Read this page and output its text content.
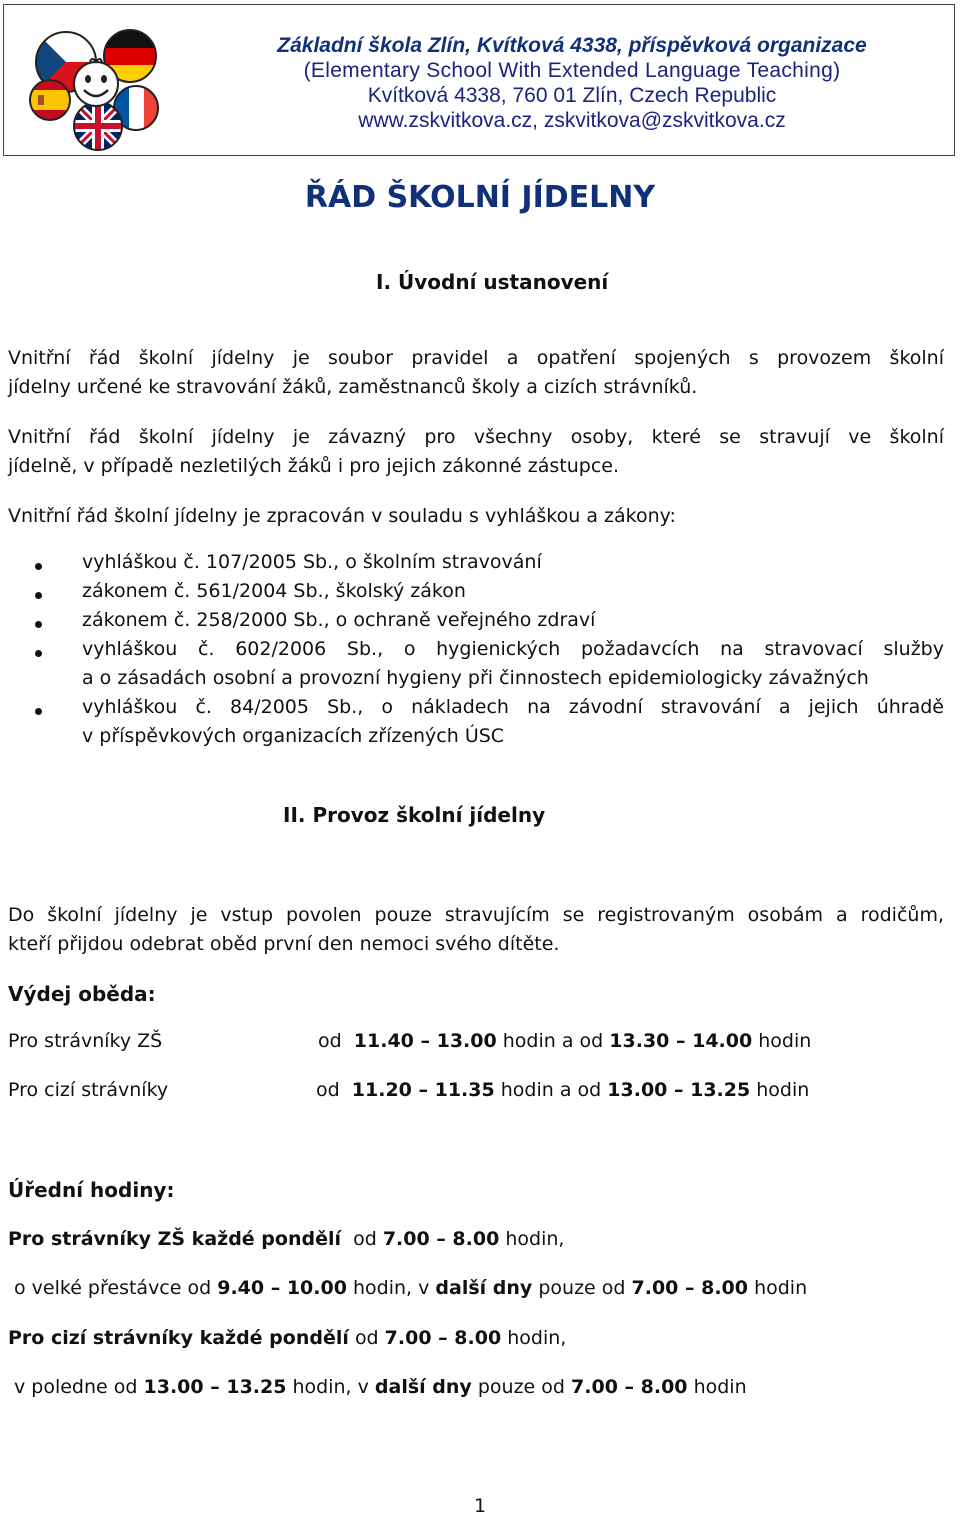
Základní škola Zlín, Kvítková 4338, příspěvková organizace
(Elementary School With Extended Language Teaching)
Kvítková 4338, 760 01 Zlín, Czech Republic
www.zskvitkova.cz, zskvitkova@zskvitkova.cz
ŘÁD ŠKOLNÍ JÍDELNY
I. Úvodní ustanovení
Vnitřní řád školní jídelny je soubor pravidel a opatření spojených s provozem školní
jídelny určené ke stravování žáků, zaměstnanců školy a cizích strávníků.
Vnitřní řád školní jídelny je závazný pro všechny osoby, které se stravují ve školní
jídelně, v případě nezletilých žáků i pro jejich zákonné zástupce.
Vnitřní řád školní jídelny je zpracován v souladu s vyhláškou a zákony:
vyhláškou č. 107/2005 Sb., o školním stravování
zákonem č. 561/2004 Sb., školský zákon
zákonem č. 258/2000 Sb., o ochraně veřejného zdraví
vyhláškou č. 602/2006 Sb., o hygienických požadavcích na stravovací služby
a o zásadách osobní a provozní hygieny při činnostech epidemiologicky závažných
vyhláškou č. 84/2005 Sb., o nákladech na závodní stravování a jejich úhradě
v příspěvkových organizacích zřízených ÚSC
II. Provoz školní jídelny
Do školní jídelny je vstup povolen pouze stravujícím se registrovaným osobám a rodičům,
kteří přijdou odebrat oběd první den nemoci svého dítěte.
Výdej oběda:
Pro strávníky ZŠ	od 11.40 – 13.00 hodin a od 13.30 – 14.00 hodin
Pro cizí strávníky	od 11.20 – 11.35 hodin a od 13.00 – 13.25 hodin
Úřední hodiny:
Pro strávníky ZŠ každé pondělí od 7.00 – 8.00 hodin,
o velké přestávce od 9.40 – 10.00 hodin, v další dny pouze od 7.00 – 8.00 hodin
Pro cizí strávníky každé pondělí od 7.00 – 8.00 hodin,
v poledne od 13.00 – 13.25 hodin, v další dny pouze od 7.00 – 8.00 hodin
1
